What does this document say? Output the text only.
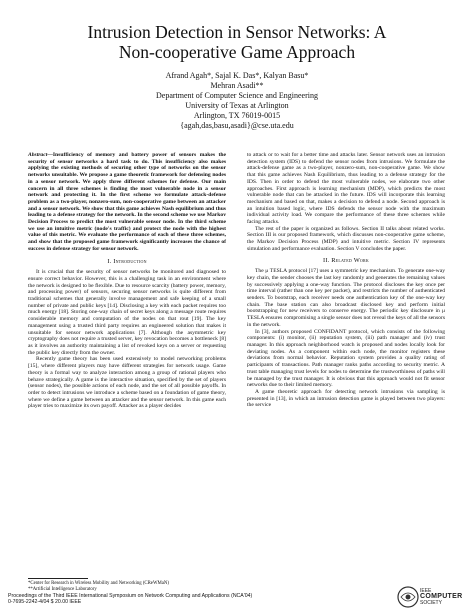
Intrusion Detection in Sensor Networks: A
Non-cooperative Game Approach
Afrand Agah*, Sajal K. Das*, Kalyan Basu*
Mehran Asadi**
Department of Computer Science and Engineering
University of Texas at Arlington
Arlington, TX 76019-0015
{agah,das,basu,asadi}@cse.uta.edu

Abstract—Insufficiency of memory and battery power of sensors makes the security of sensor networks a hard task to do. This insufficiency also makes applying the existing methods of securing other type of networks on the sensor networks unsuitable. We propose a game theoretic framework for defensing nodes in a sensor network. We apply three different schemes for defense. Our main concern in all three schemes is finding the most vulnerable node in a sensor network and protecting it. In the first scheme we formulate attack-defense problem as a two-player, nonzero-sum, non-cooperative game between an attacker and a sensor network. We show that this game achieves Nash equilibrium and thus leading to a defense strategy for the network. In the second scheme we use Markov Decision Process to predict the most vulnerable sensor node. In the third scheme we use an intuitive metric (node's traffic) and protect the node with the highest value of this metric. We evaluate the performance of each of these three schemes, and show that the proposed game framework significantly increases the chance of success in defense strategy for sensor network.

I. Introduction

It is crucial that the security of sensor networks be monitored and diagnosed to ensure correct behavior. However, this is a challenging task in an environment where the network is designed to be flexible. Due to resource scarcity (battery power, memory, and processing power) of sensors, securing sensor networks is quite different from traditional schemes that generally involve management and safe keeping of a small number of private and public keys [14]. Disclosing a key with each packet requires too much energy [18]. Storing one-way chain of secret keys along a message route requires considerable memory and computation of the nodes on that rout [19]. The key management using a trusted third party requires an engineered solution that makes it unsuitable for sensor network applications [7]. Although the asymmetric key cryptography does not require a trusted server, key revocation becomes a bottleneck [8] as it involves an authority maintaining a list of revoked keys on a server or requesting the public key directly from the owner.

Recently game theory has been used extensively to model networking problems [15], where different players may have different strategies for network usage. Game theory is a formal way to analyze interaction among a group of rational players who behave strategically. A game is the interactive situation, specified by the set of players (sensor nodes), the possible actions of each node, and the set of all possible payoffs. In order to detect intrusions we introduce a scheme based on a foundation of game theory, where we define a game between an attacker and the sensor network. In this game each player tries to maximize its own payoff. Attacker as a player decides

to attack or to wait for a better time and attacks later. Sensor network uses an intrusion detection system (IDS) to defend the sensor nodes from intrusions. We formulate the attack-defense game as a two-player, nonzero-sum, non-cooperative game. We show that this game achieves Nash Equilibrium, thus leading to a defense strategy for the IDS. Then in order to defend the most vulnerable nodes, we elaborate two other approaches. First approach is learning mechanism (MDP), which predicts the most vulnerable node that can be attacked in the future. IDS will incorporate this learning mechanism and based on that, makes a decision to defend a node. Second approach is an intuition based logic, where IDS defends the sensor node with the maximum individual activity load. We compare the performance of these three schemes while facing attacks.

The rest of the paper is organized as follows. Section II talks about related works. Section III is our proposed framework, which discusses non-cooperative game scheme, the Markov Decision Process (MDP) and intuitive metric. Section IV represents simulation and performance evaluation. Section V concludes the paper.

II. Related Work

The μ TESLA protocol [17] uses a symmetric key mechanism. To generate one-way key chain, the sender chooses the last key randomly and generates the remaining values by successively applying a one-way function. The protocol discloses the key once per time interval (rather than one key per packet), and restricts the number of authenticated senders. To bootstrap, each receiver needs one authentication key of the one-way key chain. The base station can also broadcast disclosed key and perform initial bootstrapping for new receivers to conserve energy. The periodic key disclosure in μ TESLA ensures compromising a single sensor does not reveal the keys of all the sensors in the network.

In [3], authors proposed CONFIDANT protocol, which consists of the following components: (i) monitor, (ii) reputation system, (iii) path manager and (iv) trust manager. In this approach neighborhood watch is proposed and nodes locally look for deviating nodes. As a component within each node, the monitor registers these deviations from normal behavior. Reputation system provides a quality rating of participants of transactions. Path manager ranks paths according to security metric. A trust table managing trust levels for nodes to determine the trustworthiness of paths will be managed by the trust manager. It is obvious that this approach would not fit sensor networks due to their limited memory.

A game theoretic approach for detecting network intrusions via sampling is presented in [13], in which an intrusion detection game is played between two players: the service

*Center for Research in Wireless Mobility and Networking (CReWMaN)
**Artificial Intelligence Laboratory
Proceedings of the Third IEEE International Symposium on Network Computing and Applications (NCA'04)
0-7695-2242-4/04 $ 20.00 IEEE
IEEE
COMPUTER
SOCIETY
